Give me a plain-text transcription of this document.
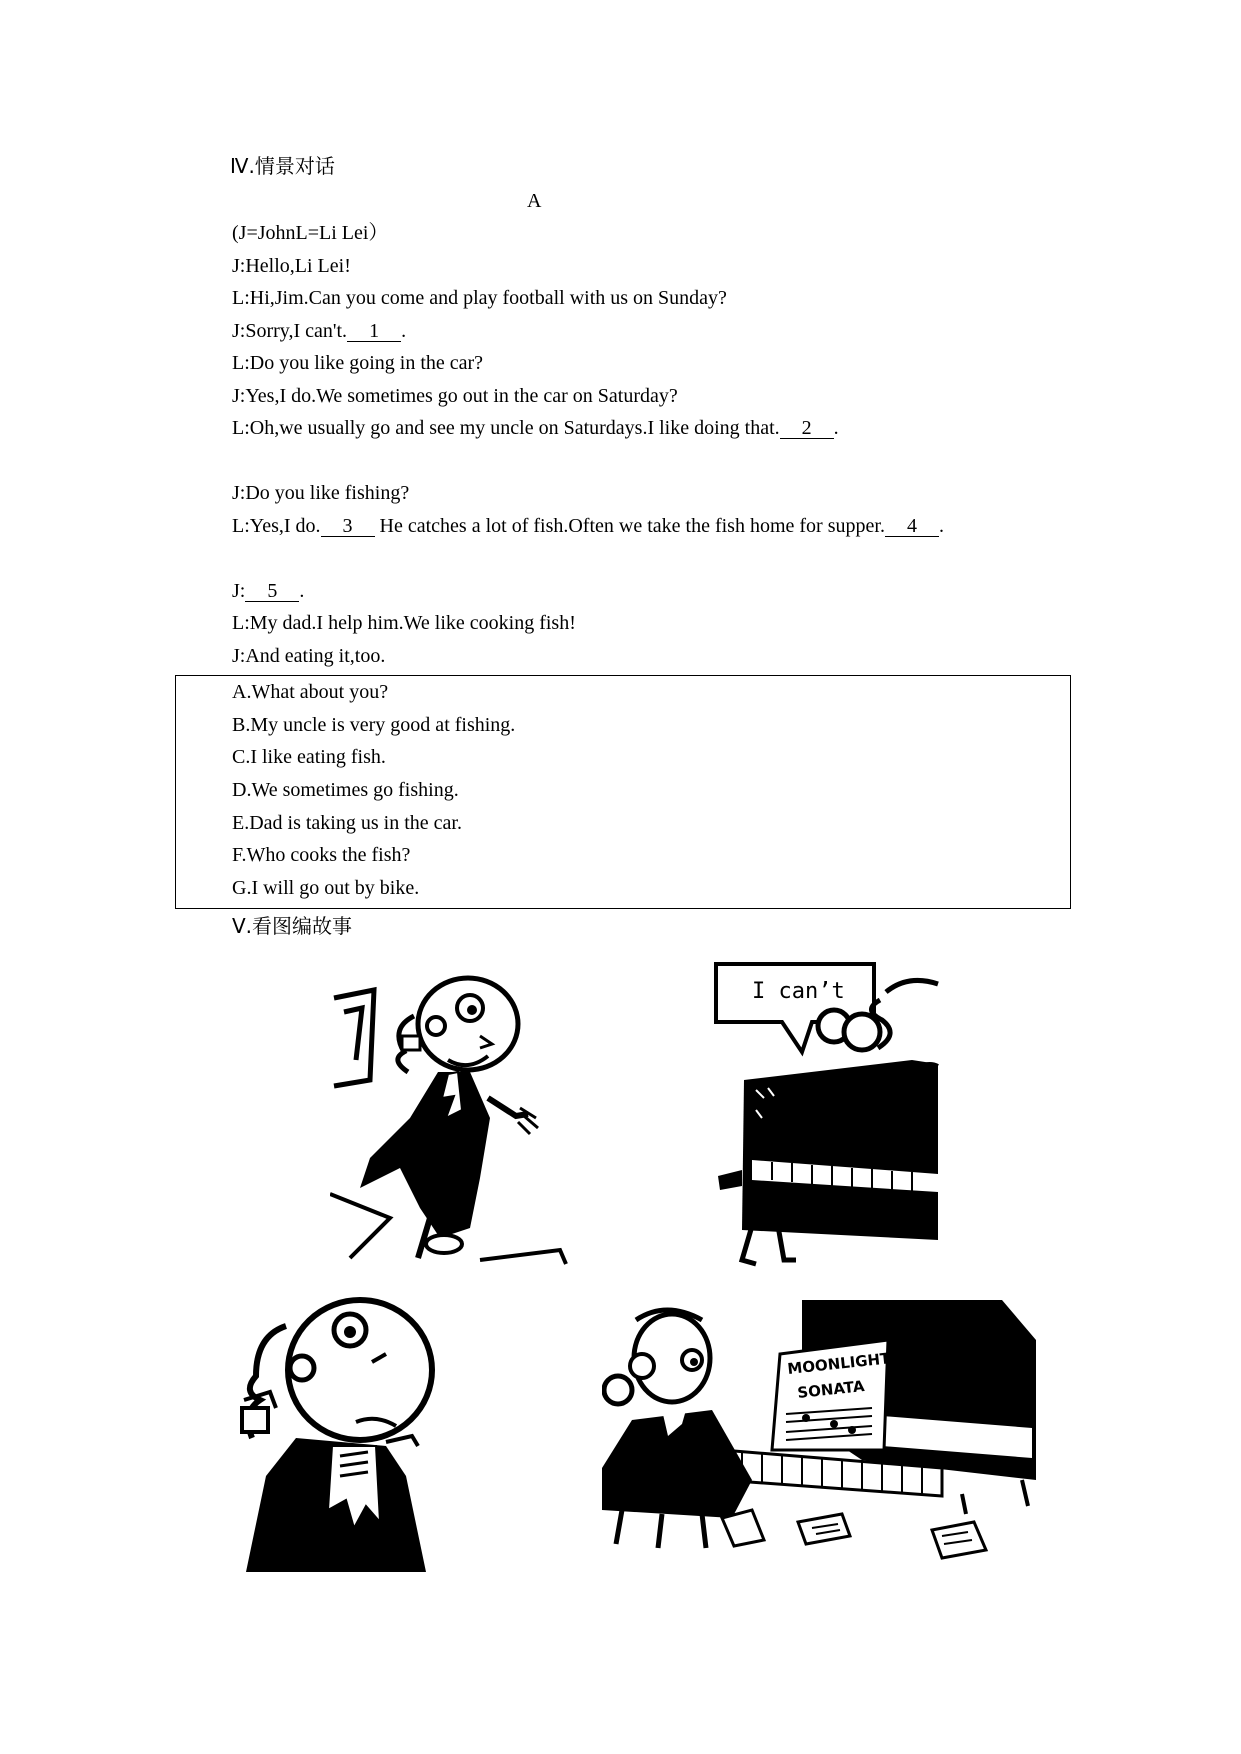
Ⅳ.情景对话
A
(J=JohnL=Li Lei）
J:Hello,Li Lei!
L:Hi,Jim.Can you come and play football with us on Sunday?
J:Sorry,I can't. 1 .
L:Do you like going in the car?
J:Yes,I do.We sometimes go out in the car on Saturday?
L:Oh,we usually go and see my uncle on Saturdays.I like doing that. 2 .
J:Do you like fishing?
L:Yes,I do. 3 He catches a lot of fish.Often we take the fish home for supper. 4 .
J: 5 .
L:My dad.I help him.We like cooking fish!
J:And eating it,too.
A.What about you?
B.My uncle is very good at fishing.
C.I like eating fish.
D.We sometimes go fishing.
E.Dad is taking us in the car.
F.Who cooks the fish?
G.I will go out by bike.
Ⅴ.看图编故事
I can’t
MOONLIGHT
SONATA
